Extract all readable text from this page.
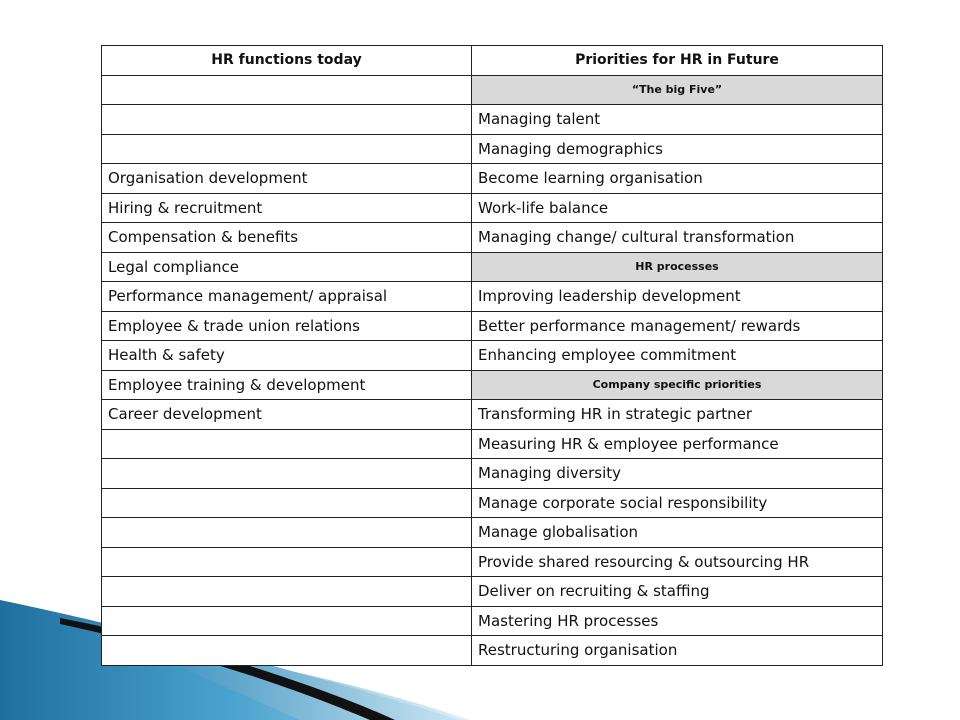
HR functions today	Priorities for HR in Future
	“The big Five”
	Managing talent
	Managing demographics
Organisation development	Become learning organisation
Hiring & recruitment	Work-life balance
Compensation & benefits	Managing change/ cultural transformation
Legal compliance	HR processes
Performance management/ appraisal	Improving leadership development
Employee & trade union relations	Better performance management/ rewards
Health & safety	Enhancing employee commitment
Employee training & development	Company specific priorities
Career development	Transforming HR in strategic partner
	Measuring HR & employee performance
	Managing diversity
	Manage corporate social responsibility
	Manage globalisation
	Provide shared resourcing & outsourcing HR
	Deliver on recruiting & staffing
	Mastering HR processes
	Restructuring organisation
